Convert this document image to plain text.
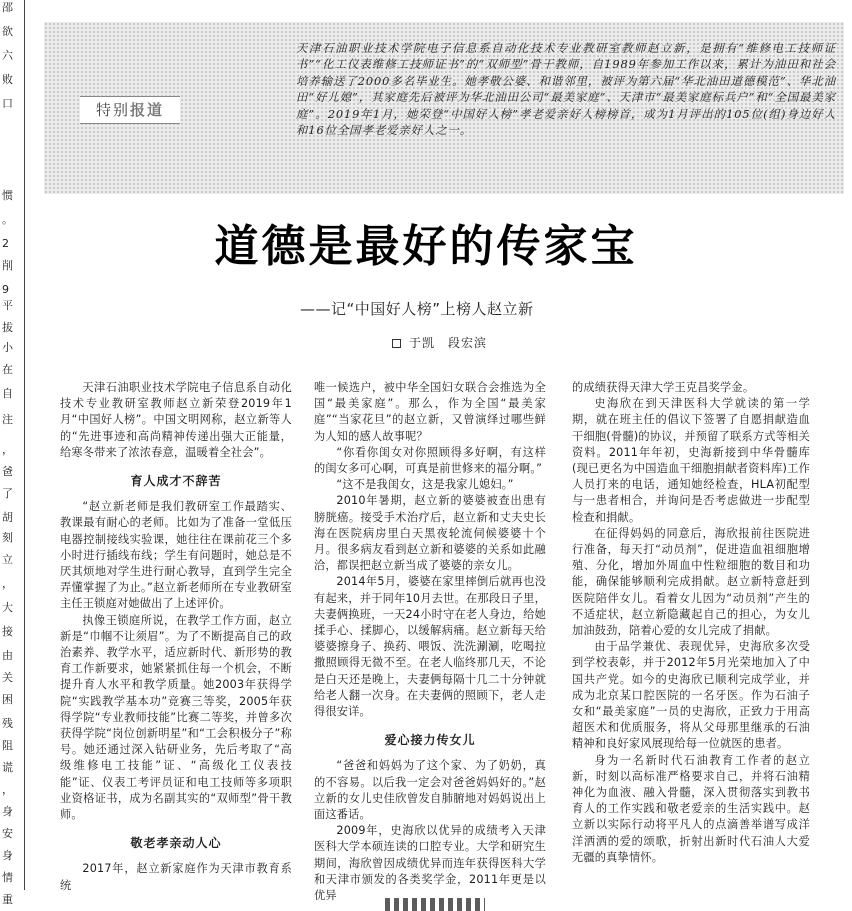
邵
欲
六
败
口
惯
。
2
削
9
平
拔
小
在
自
注
，
爸
了
胡
刻
立
，
大
接
由
关
困
残
阻
谎
，
身
安
身
情
重
特别报道
天津石油职业技术学院电子信息系自动化技术专业教研室教师赵立新，是拥有“维修电工技师证书”“化工仪表维修工技师证书”的“双师型”骨干教师，自1989年参加工作以来，累计为油田和社会培养输送了2000多名毕业生。她孝敬公婆、和谐邻里，被评为第六届“华北油田道德模范”、华北油田“好儿媳”，其家庭先后被评为华北油田公司“最美家庭”、天津市“最美家庭标兵户”和“全国最美家庭”。2019年1月，她荣登“中国好人榜”孝老爱亲好人榜榜首，成为1月评出的105位(组)身边好人和16位全国孝老爱亲好人之一。
道德是最好的传家宝
——记“中国好人榜”上榜人赵立新
于凯　段宏滨

天津石油职业技术学院电子信息系自动化技术专业教研室教师赵立新荣登2019年1月“中国好人榜”。中国文明网称，赵立新等人的“先进事迹和高尚精神传递出强大正能量，给寒冬带来了浓浓春意，温暖着全社会”。

育人成才不辞苦

“赵立新老师是我们教研室工作最踏实、教课最有耐心的老师。比如为了准备一堂低压电器控制接线实验课，她往往在课前花三个多小时进行插线布线；学生有问题时，她总是不厌其烦地对学生进行耐心教导，直到学生完全弄懂掌握了为止。”赵立新老师所在专业教研室主任王锁庭对她做出了上述评价。

执像王锁庭所说，在教学工作方面，赵立新是“巾帼不让须眉”。为了不断提高自己的政治素养、教学水平，适应新时代、新形势的教育工作新要求，她紧紧抓住每一个机会，不断提升育人水平和教学质量。她2003年获得学院“实践教学基本功”竞赛三等奖，2005年获得学院“专业教师技能”比赛二等奖，并曾多次获得学院“岗位创新明星”和“工会积极分子”称号。她还通过深入钻研业务，先后考取了“高级维修电工技能”证、“高级化工仪表技能”证、仪表工考评员证和电工技师等多项职业资格证书，成为名副其实的“双师型”骨干教师。

敬老孝亲动人心

2017年，赵立新家庭作为天津市教育系统

唯一候选户，被中华全国妇女联合会推选为全国“最美家庭”。那么，作为全国“最美家庭”“当家花旦”的赵立新，又曾演绎过哪些鲜为人知的感人故事呢？

“你看你闺女对你照顾得多好啊，有这样的闺女多可心啊，可真是前世修来的福分啊。”

“这不是我闺女，这是我家儿媳妇。”

2010年暑期，赵立新的婆婆被查出患有膀胱癌。接受手术治疗后，赵立新和丈夫史长海在医院病房里白天黑夜轮流伺候婆婆十个月。很多病友看到赵立新和婆婆的关系如此融洽，都误把赵立新当成了婆婆的亲女儿。

2014年5月，婆婆在家里摔倒后就再也没有起来，并于同年10月去世。在那段日子里，夫妻俩换班，一天24小时守在老人身边，给她揉手心、揉脚心，以缓解病痛。赵立新每天给婆婆擦身子、换药、喂饭、洗洗涮涮，吃喝拉撒照顾得无微不至。在老人临终那几天，不论是白天还是晚上，夫妻俩每隔十几二十分钟就给老人翻一次身。在夫妻俩的照顾下，老人走得很安详。

爱心接力传女儿

“爸爸和妈妈为了这个家、为了奶奶，真的不容易。以后我一定会对爸爸妈妈好的。”赵立新的女儿史佳欣曾发自肺腑地对妈妈说出上面这番话。

2009年，史海欣以优异的成绩考入天津医科大学本硕连读的口腔专业。大学和研究生期间，海欣曾因成绩优异而连年获得医科大学和天津市颁发的各类奖学金，2011年更是以优异

的成绩获得天津大学王克昌奖学金。

史海欣在到天津医科大学就读的第一学期，就在班主任的倡议下签署了自愿捐献造血干细胞(骨髓)的协议，并预留了联系方式等相关资料。2011年年初，史海新接到中华骨髓库(现已更名为中国造血干细胞捐献者资料库)工作人员打来的电话，通知她经检查，HLA初配型与一患者相合，并询问是否考虑做进一步配型检查和捐献。

在征得妈妈的同意后，海欣报前往医院进行准备，每天打“动员剂”，促进造血祖细胞增殖、分化，增加外周血中性粒细胞的数目和功能，确保能够顺利完成捐献。赵立新特意赶到医院陪伴女儿。看着女儿因为“动员剂”产生的不适症状，赵立新隐藏起自己的担心，为女儿加油鼓劲，陪着心爱的女儿完成了捐献。

由于品学兼优、表现优异，史海欣多次受到学校表彰，并于2012年5月光荣地加入了中国共产党。如今的史海欣已顺利完成学业，并成为北京某口腔医院的一名牙医。作为石油子女和“最美家庭”一员的史海欣，正致力于用高超医术和优质服务，将从父母那里继承的石油精神和良好家风展现给每一位就医的患者。

身为一名新时代石油教育工作者的赵立新，时刻以高标准严格要求自己，并将石油精神化为血液、融入骨髓，深入贯彻落实到教书育人的工作实践和敬老爱亲的生活实践中。赵立新以实际行动将平凡人的点滴善举谱写成洋洋洒洒的爱的颂歌，折射出新时代石油人大爱无疆的真挚情怀。
